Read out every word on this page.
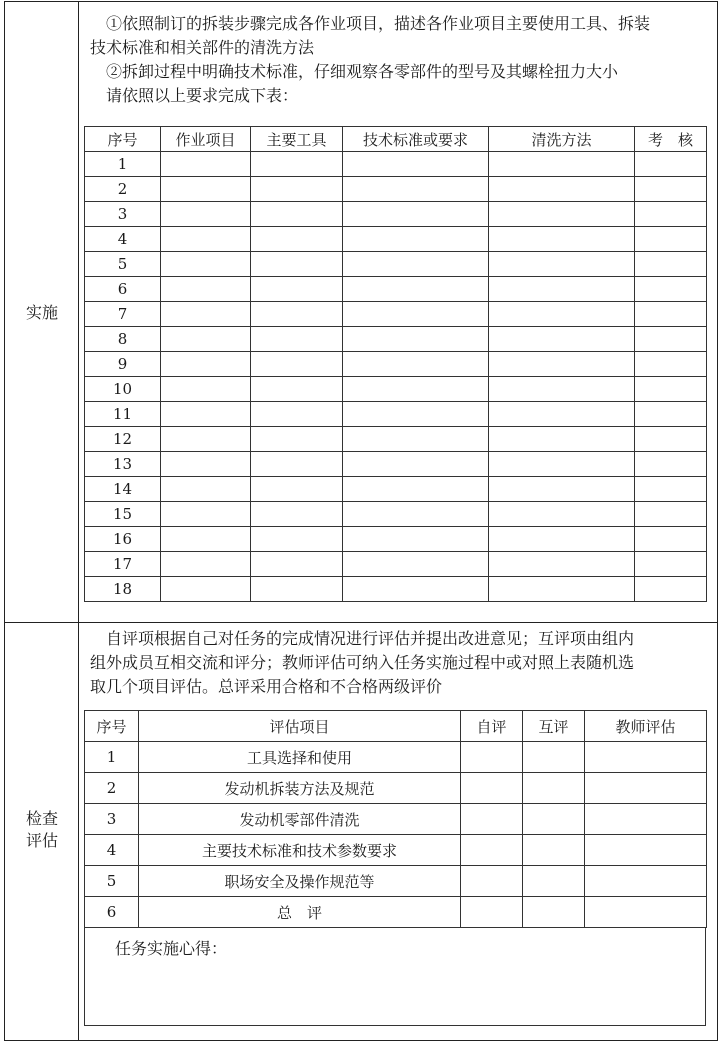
实施
检查
评估
①依照制订的拆装步骤完成各作业项目，描述各作业项目主要使用工具、拆装
技术标准和相关部件的清洗方法
②拆卸过程中明确技术标准，仔细观察各零部件的型号及其螺栓扭力大小
请依照以上要求完成下表：
序号	作业项目	主要工具	技术标准或要求	清洗方法	考　核
1					
2					
3					
4					
5					
6					
7					
8					
9					
10					
11					
12					
13					
14					
15					
16					
17					
18					
自评项根据自己对任务的完成情况进行评估并提出改进意见；互评项由组内
组外成员互相交流和评分；教师评估可纳入任务实施过程中或对照上表随机选
取几个项目评估。总评采用合格和不合格两级评价
序号	评估项目	自评	互评	教师评估
1	工具选择和使用			
2	发动机拆装方法及规范			
3	发动机零部件清洗			
4	主要技术标准和技术参数要求			
5	职场安全及操作规范等			
6	总　评			
任务实施心得：
